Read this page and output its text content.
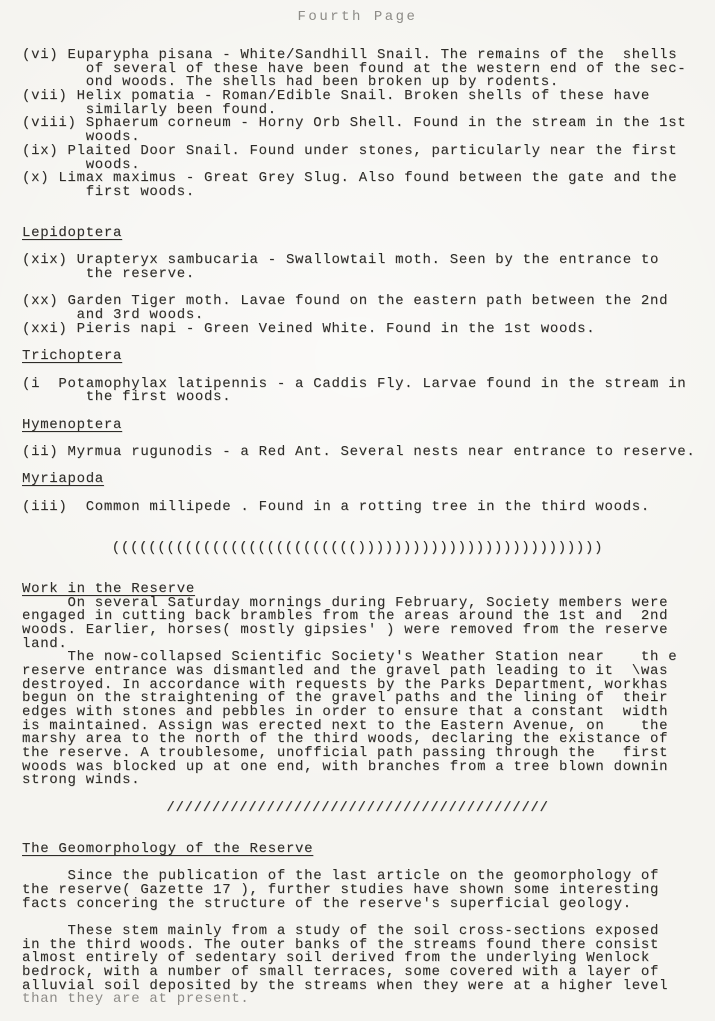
Fourth Page
(vi) Euparypha pisana - White/Sandhill Snail. The remains of the  shells
of several of these have been found at the western end of the sec-
ond woods. The shells had been broken up by rodents.
(vii) Helix pomatia - Roman/Edible Snail. Broken shells of these have
similarly been found.
(viii) Sphaerum corneum - Horny Orb Shell. Found in the stream in the 1st
woods.
(ix) Plaited Door Snail. Found under stones, particularly near the first
woods.
(x) Limax maximus - Great Grey Slug. Also found between the gate and the
first woods.

Lepidoptera

(xix) Urapteryx sambucaria - Swallowtail moth. Seen by the entrance to
the reserve.

(xx) Garden Tiger moth. Lavae found on the eastern path between the 2nd
and 3rd woods.
(xxi) Pieris napi - Green Veined White. Found in the 1st woods.

Trichoptera

(i  Potamophylax latipennis - a Caddis Fly. Larvae found in the stream in
the first woods.

Hymenoptera

(ii) Myrmua rugunodis - a Red Ant. Several nests near entrance to reserve.

Myriapoda

(iii)  Common millipede . Found in a rotting tree in the third woods.

((((((((((((((((((((((((((()))))))))))))))))))))))))))

Work in the Reserve
On several Saturday mornings during February, Society members were
engaged in cutting back brambles from the areas around the 1st and  2nd
woods. Earlier, horses( mostly gipsies' ) were removed from the reserve
land.
The now-collapsed Scientific Society's Weather Station near    th e
reserve entrance was dismantled and the gravel path leading to it  \was
destroyed. In accordance with requests by the Parks Department, workhas
begun on the straightening of the gravel paths and the lining of  their
edges with stones and pebbles in order to ensure that a constant  width
is maintained. Assign was erected next to the Eastern Avenue, on    the
marshy area to the north of the third woods, declaring the existance of
the reserve. A troublesome, unofficial path passing through the   first
woods was blocked up at one end, with branches from a tree blown downin
strong winds.

//////////////////////////////////////////

The Geomorphology of the Reserve

Since the publication of the last article on the geomorphology of
the reserve( Gazette 17 ), further studies have shown some interesting
facts concering the structure of the reserve's superficial geology.

These stem mainly from a study of the soil cross-sections exposed
in the third woods. The outer banks of the streams found there consist
almost entirely of sedentary soil derived from the underlying Wenlock
bedrock, with a number of small terraces, some covered with a layer of
alluvial soil deposited by the streams when they were at a higher level
than they are at present.
